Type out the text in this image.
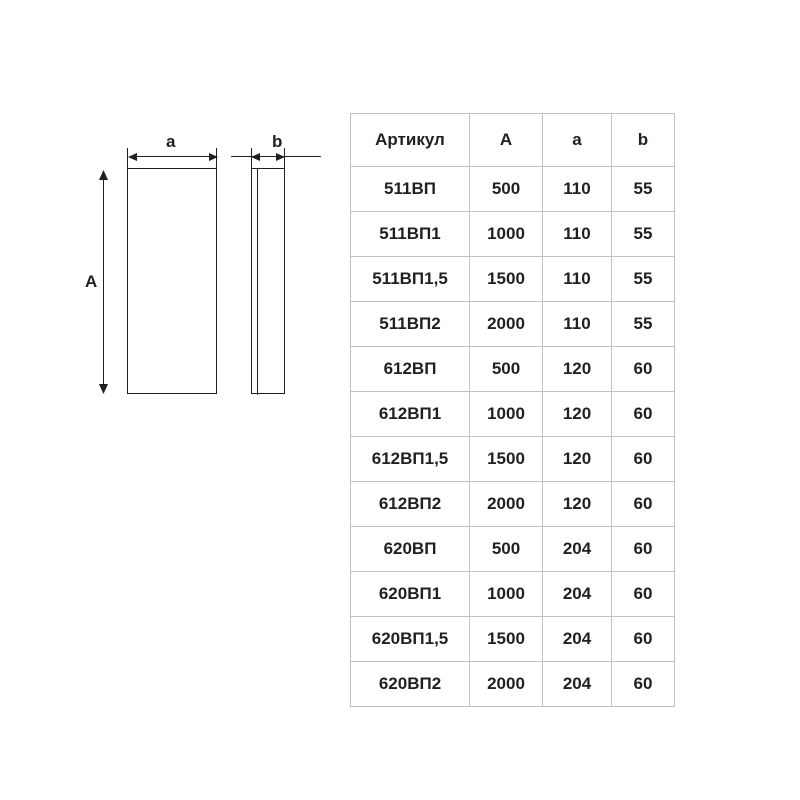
a	b
A
Артикул	A	a	b
511ВП	500	110	55
511ВП1	1000	110	55
511ВП1,5	1500	110	55
511ВП2	2000	110	55
612ВП	500	120	60
612ВП1	1000	120	60
612ВП1,5	1500	120	60
612ВП2	2000	120	60
620ВП	500	204	60
620ВП1	1000	204	60
620ВП1,5	1500	204	60
620ВП2	2000	204	60
